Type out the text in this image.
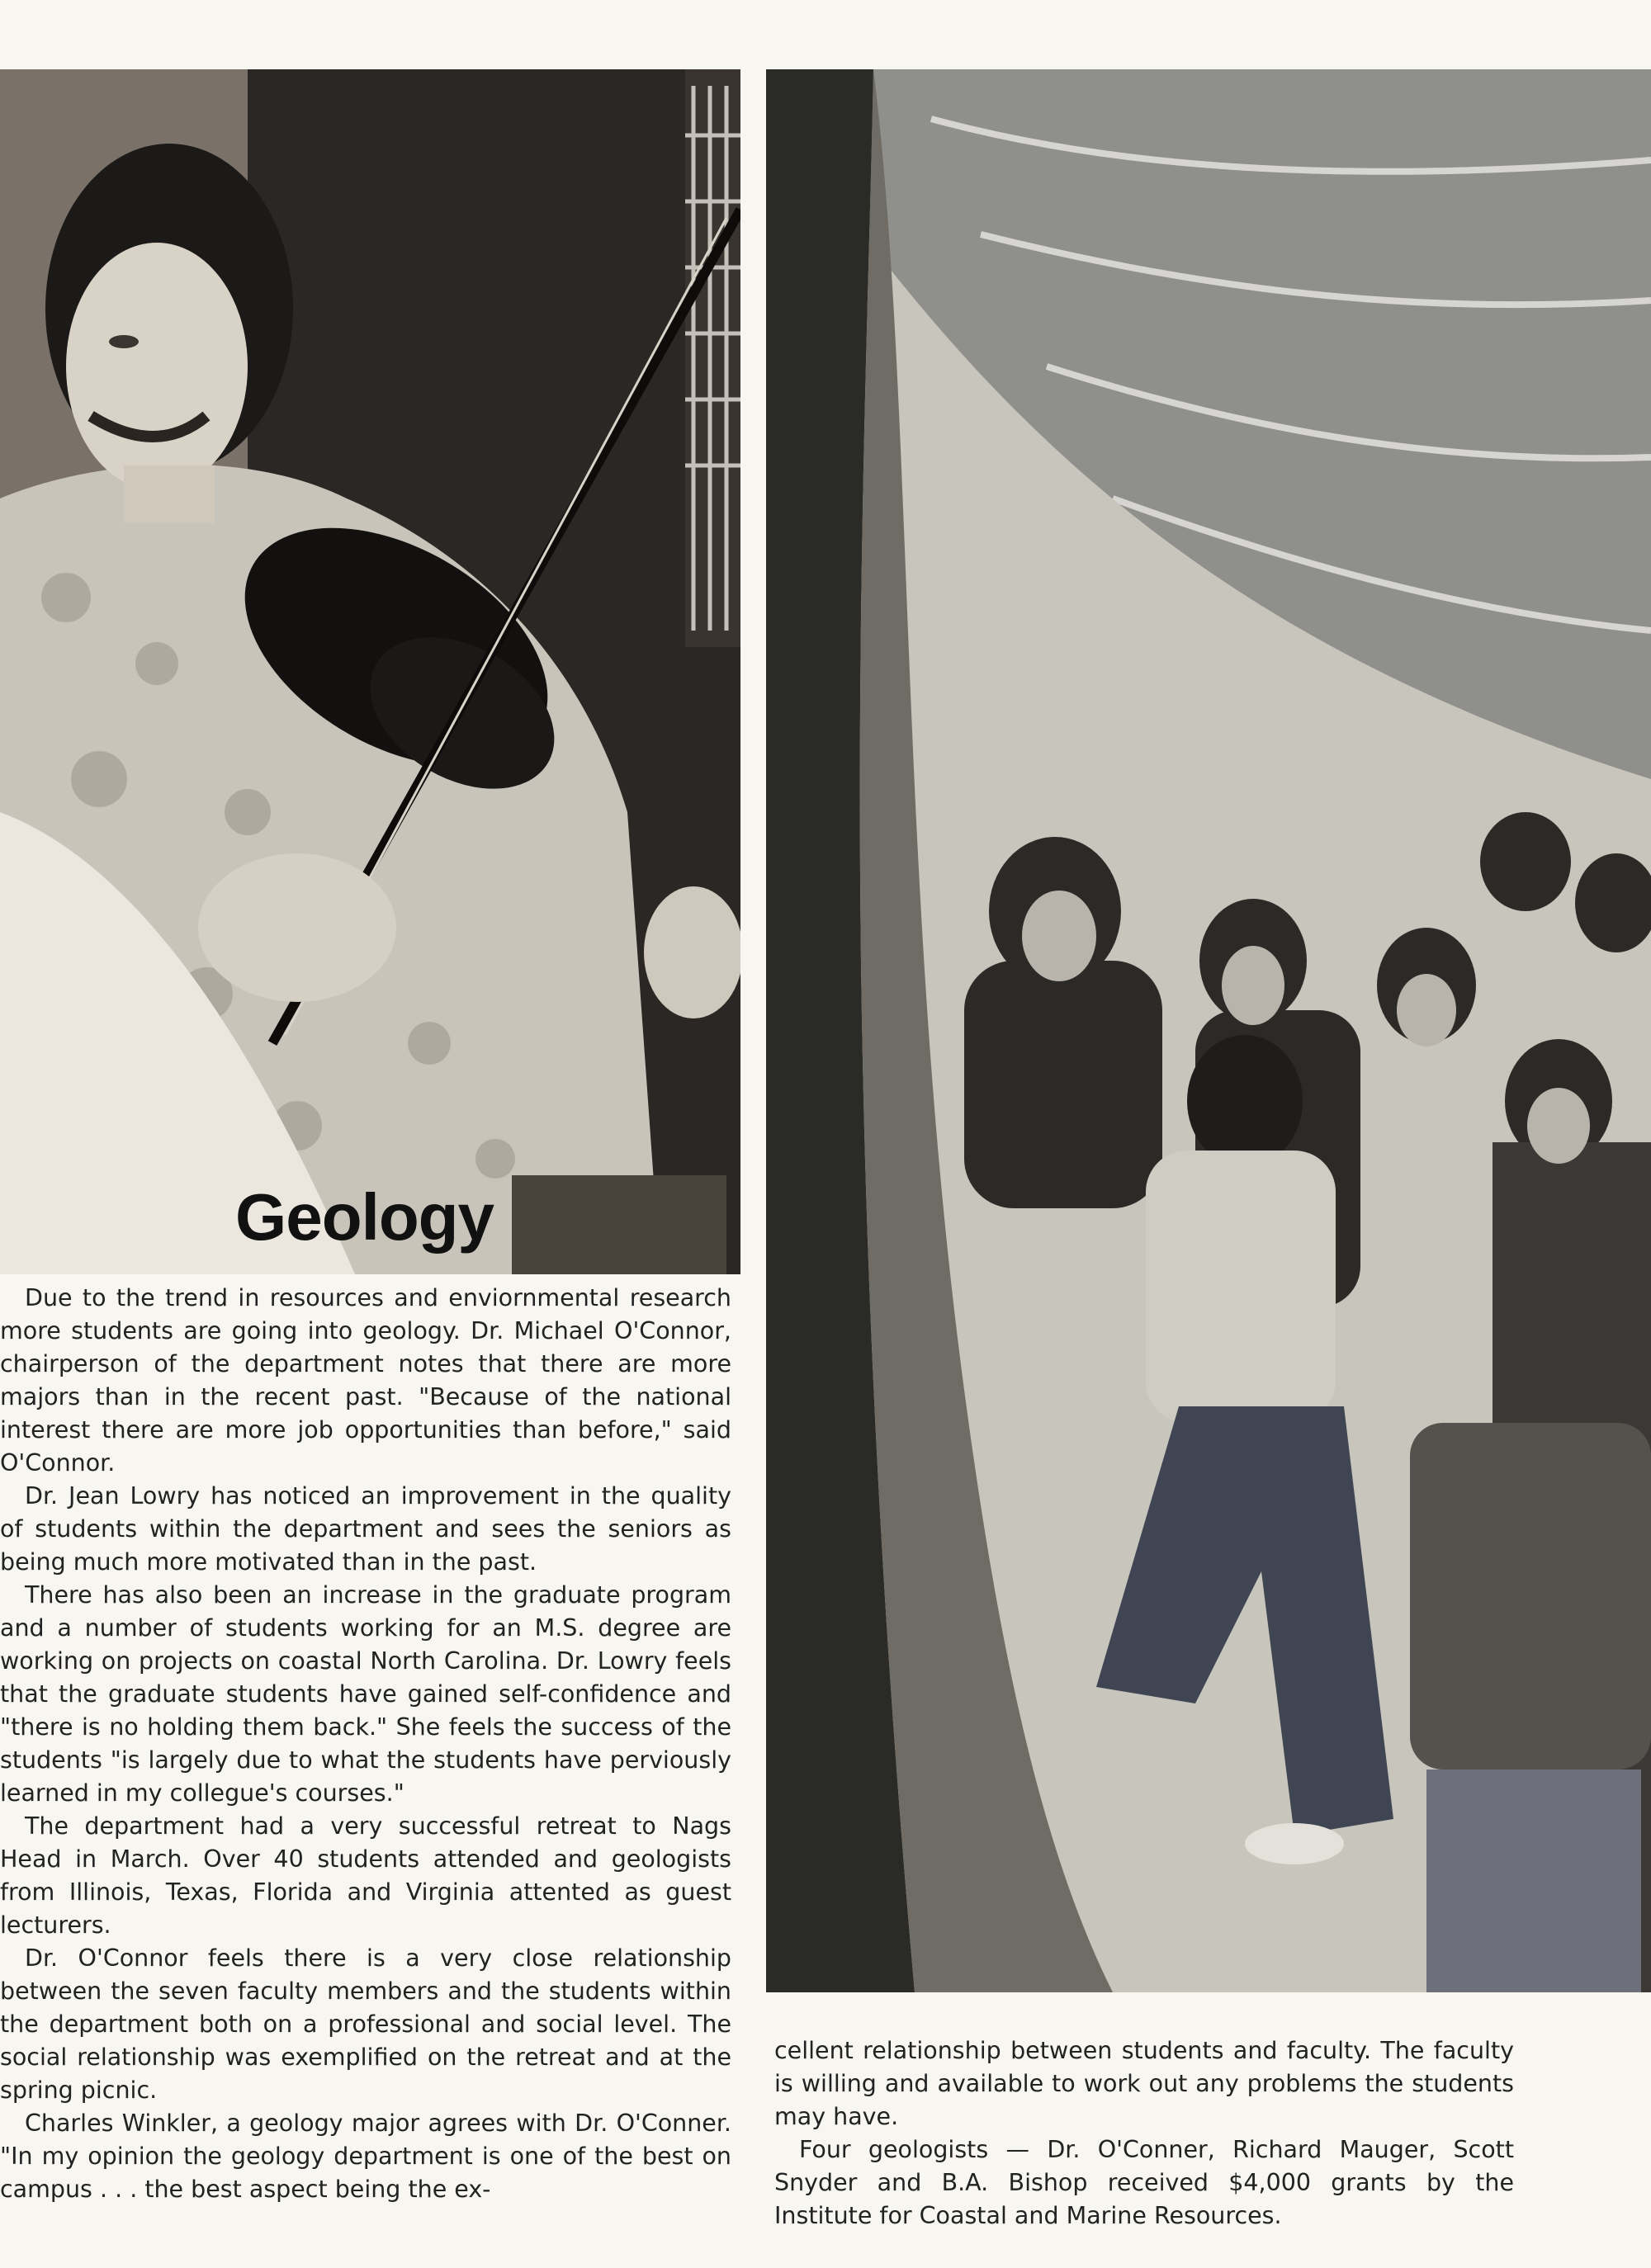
Geology

Due to the trend in resources and enviornmental research more students are going into geology. Dr. Michael O'Connor, chairperson of the department notes that there are more majors than in the recent past. "Because of the national interest there are more job opportunities than before," said O'Connor.

Dr. Jean Lowry has noticed an improvement in the quality of students within the department and sees the seniors as being much more motivated than in the past.

There has also been an increase in the graduate program and a number of students working for an M.S. degree are working on projects on coastal North Carolina. Dr. Lowry feels that the graduate students have gained self-confidence and "there is no holding them back." She feels the success of the students "is largely due to what the students have perviously learned in my collegue's courses."

The department had a very successful retreat to Nags Head in March. Over 40 students attended and geologists from Illinois, Texas, Florida and Virginia attented as guest lecturers.

Dr. O'Connor feels there is a very close relationship between the seven faculty members and the students within the department both on a professional and social level. The social relationship was exemplified on the retreat and at the spring picnic.

Charles Winkler, a geology major agrees with Dr. O'Conner. "In my opinion the geology department is one of the best on campus . . . the best aspect being the ex-

cellent relationship between students and faculty. The faculty is willing and available to work out any problems the students may have.

Four geologists — Dr. O'Conner, Richard Mauger, Scott Snyder and B.A. Bishop received $4,000 grants by the Institute for Coastal and Marine Resources.
